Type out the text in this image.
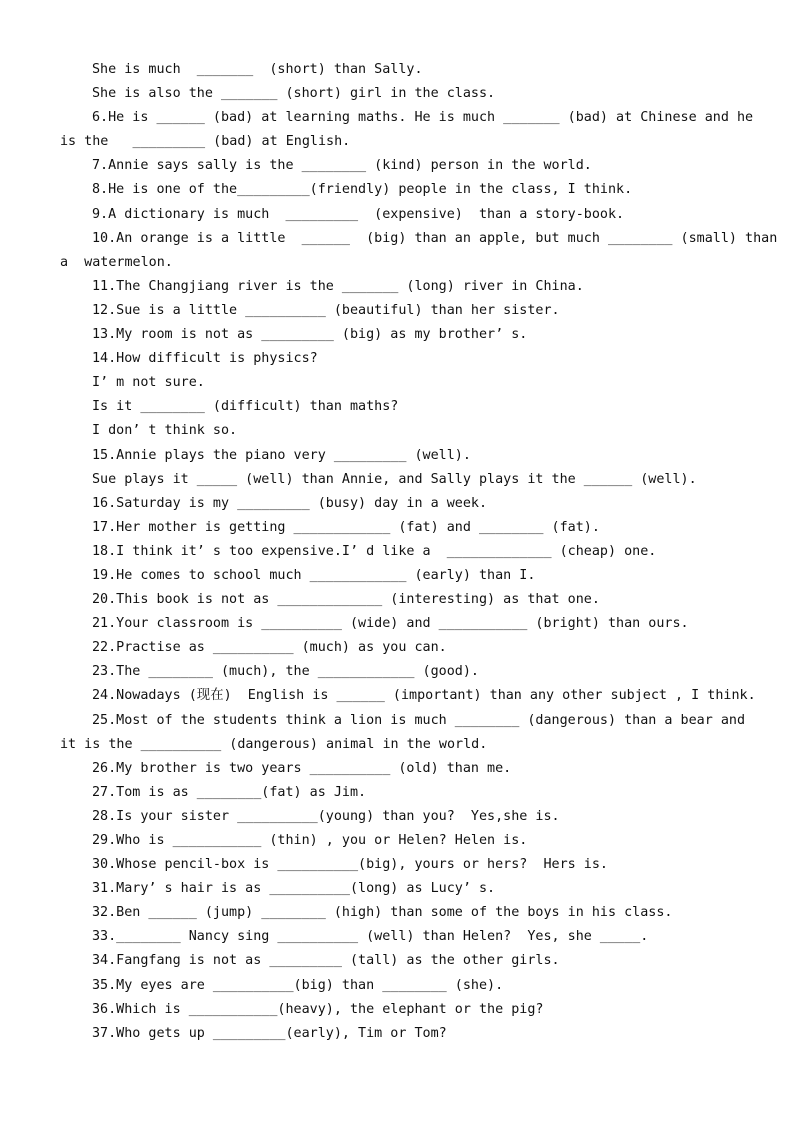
She is much  _______  (short) than Sally.
She is also the _______ (short) girl in the class.
6.He is ______ (bad) at learning maths. He is much _______ (bad) at Chinese and he
is the   _________ (bad) at English.
7.Annie says sally is the ________ (kind) person in the world.
8.He is one of the_________(friendly) people in the class, I think.
9.A dictionary is much  _________  (expensive)  than a story-book.
10.An orange is a little  ______  (big) than an apple, but much ________ (small) than
a  watermelon.
11.The Changjiang river is the _______ (long) river in China.
12.Sue is a little __________ (beautiful) than her sister.
13.My room is not as _________ (big) as my brother’ s.
14.How difficult is physics?
I’ m not sure.
Is it ________ (difficult) than maths?
I don’ t think so.
15.Annie plays the piano very _________ (well).
Sue plays it _____ (well) than Annie, and Sally plays it the ______ (well).
16.Saturday is my _________ (busy) day in a week.
17.Her mother is getting ____________ (fat) and ________ (fat).
18.I think it’ s too expensive.I’ d like a  _____________ (cheap) one.
19.He comes to school much ____________ (early) than I.
20.This book is not as _____________ (interesting) as that one.
21.Your classroom is __________ (wide) and ___________ (bright) than ours.
22.Practise as __________ (much) as you can.
23.The ________ (much), the ____________ (good).
24.Nowadays (现在)  English is ______ (important) than any other subject , I think.
25.Most of the students think a lion is much ________ (dangerous) than a bear and
it is the __________ (dangerous) animal in the world.
26.My brother is two years __________ (old) than me.
27.Tom is as ________(fat) as Jim.
28.Is your sister __________(young) than you?  Yes,she is.
29.Who is ___________ (thin) , you or Helen? Helen is.
30.Whose pencil-box is __________(big), yours or hers?  Hers is.
31.Mary’ s hair is as __________(long) as Lucy’ s.
32.Ben ______ (jump) ________ (high) than some of the boys in his class.
33.________ Nancy sing __________ (well) than Helen?  Yes, she _____.
34.Fangfang is not as _________ (tall) as the other girls.
35.My eyes are __________(big) than ________ (she).
36.Which is ___________(heavy), the elephant or the pig?
37.Who gets up _________(early), Tim or Tom?
